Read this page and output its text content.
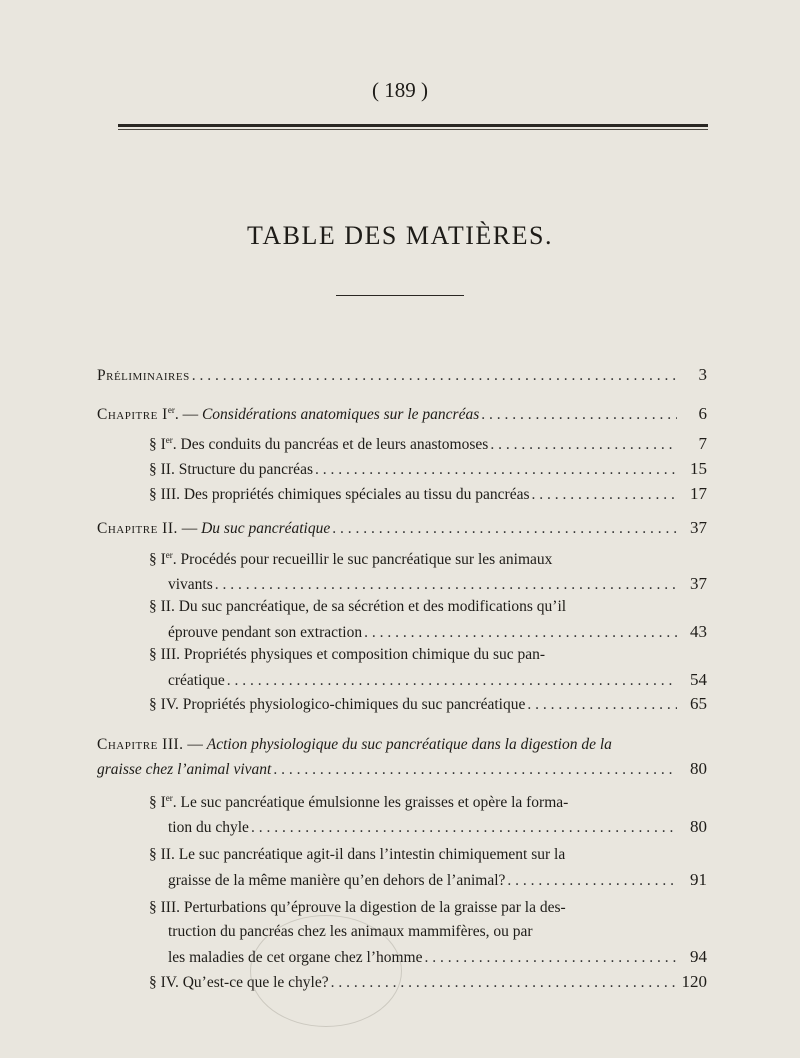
( 189 )
TABLE DES MATIÈRES.
Préliminaires . . .	3
Chapitre Ier. — Considérations anatomiques sur le pancréas . . .	6
§ Ier. Des conduits du pancréas et de leurs anastomoses . . .	7
§ II. Structure du pancréas . . .	15
§ III. Des propriétés chimiques spéciales au tissu du pancréas . . .	17
Chapitre II. — Du suc pancréatique . . .	37
§ Ier. Procédés pour recueillir le suc pancréatique sur les animaux
vivants . . .	37
§ II. Du suc pancréatique, de sa sécrétion et des modifications qu’il
éprouve pendant son extraction . . .	43
§ III. Propriétés physiques et composition chimique du suc pan-
créatique . . .	54
§ IV. Propriétés physiologico-chimiques du suc pancréatique . . .	65
Chapitre III. — Action physiologique du suc pancréatique dans la digestion de la
graisse chez l’animal vivant . . .	80
§ Ier. Le suc pancréatique émulsionne les graisses et opère la forma-
tion du chyle . . .	80
§ II. Le suc pancréatique agit-il dans l’intestin chimiquement sur la
graisse de la même manière qu’en dehors de l’animal? . . .	91
§ III. Perturbations qu’éprouve la digestion de la graisse par la des-
truction du pancréas chez les animaux mammifères, ou par
les maladies de cet organe chez l’homme . . .	94
§ IV. Qu’est-ce que le chyle? . . .	120
